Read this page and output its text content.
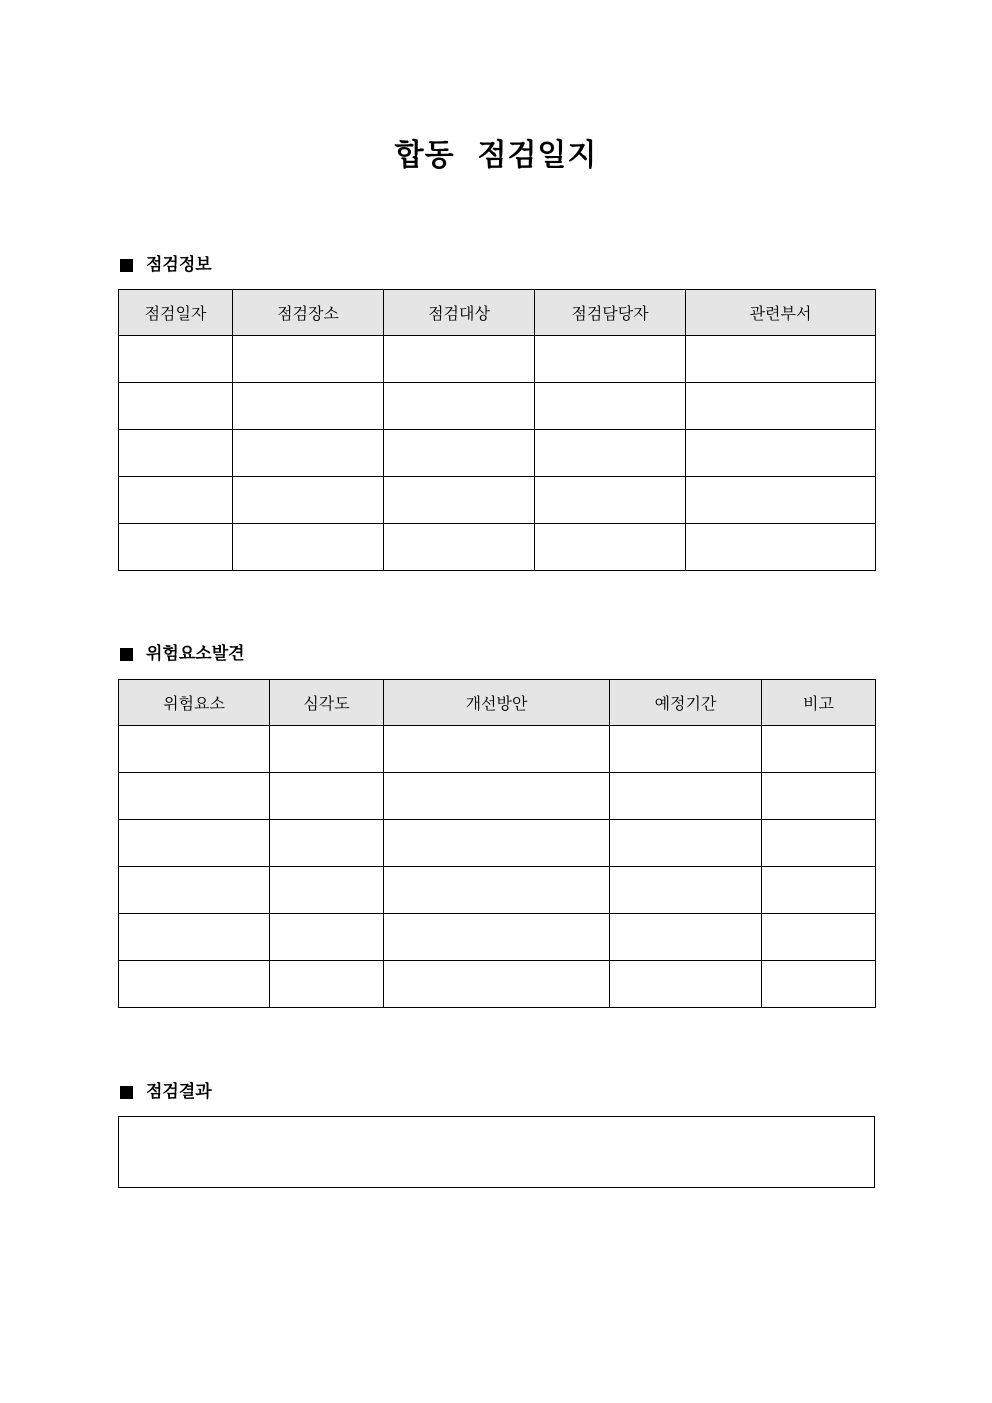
합동  점검일지
점검정보
점검일자	점검장소	점검대상	점검담당자	관련부서

위험요소발견
위험요소	심각도	개선방안	예정기간	비고

점검결과
